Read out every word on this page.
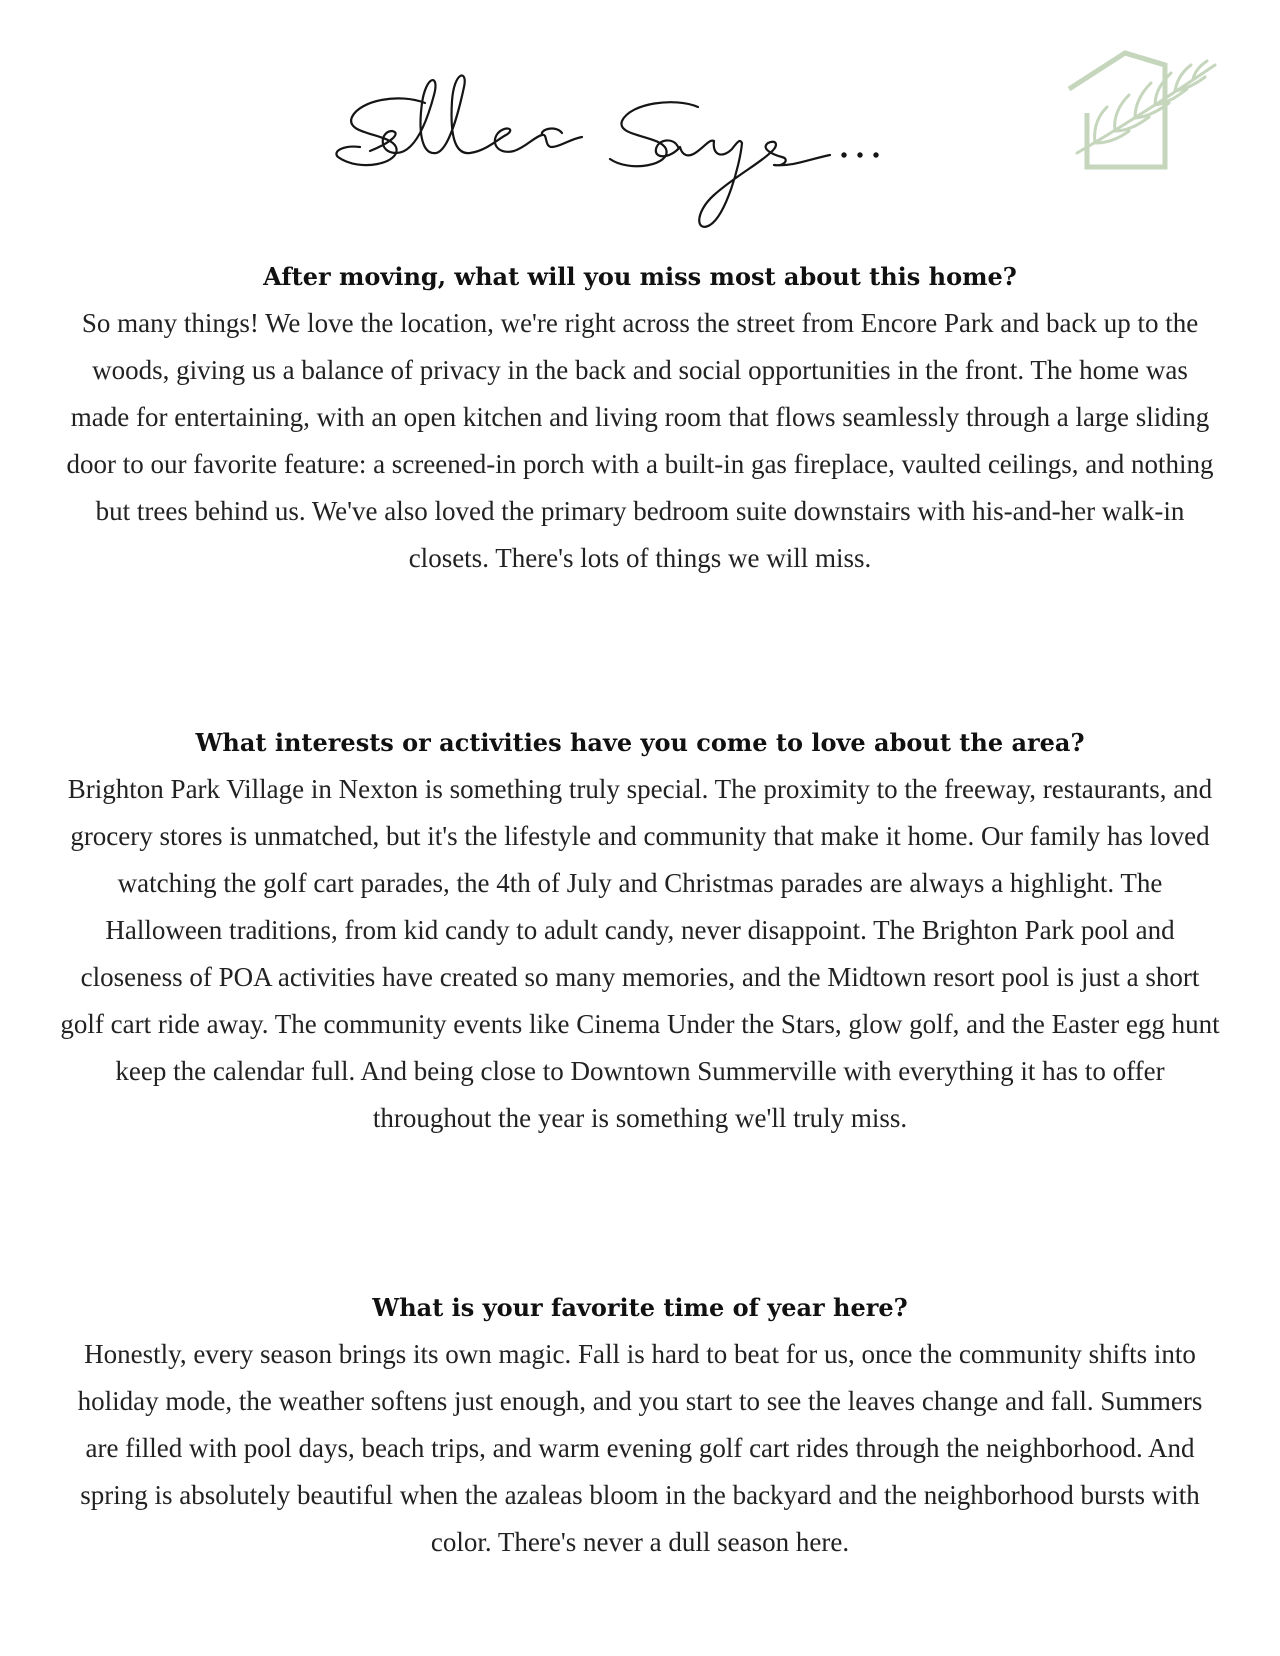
After moving, what will you miss most about this home?

So many things! We love the location, we're right across the street from Encore Park and back up to the woods, giving us a balance of privacy in the back and social opportunities in the front. The home was made for entertaining, with an open kitchen and living room that flows seamlessly through a large sliding door to our favorite feature: a screened-in porch with a built-in gas fireplace, vaulted ceilings, and nothing but trees behind us. We've also loved the primary bedroom suite downstairs with his-and-her walk-in closets. There's lots of things we will miss.

What interests or activities have you come to love about the area?

Brighton Park Village in Nexton is something truly special. The proximity to the freeway, restaurants, and grocery stores is unmatched, but it's the lifestyle and community that make it home. Our family has loved watching the golf cart parades, the 4th of July and Christmas parades are always a highlight. The Halloween traditions, from kid candy to adult candy, never disappoint. The Brighton Park pool and closeness of POA activities have created so many memories, and the Midtown resort pool is just a short golf cart ride away. The community events like Cinema Under the Stars, glow golf, and the Easter egg hunt keep the calendar full. And being close to Downtown Summerville with everything it has to offer throughout the year is something we'll truly miss.

What is your favorite time of year here?

Honestly, every season brings its own magic. Fall is hard to beat for us, once the community shifts into holiday mode, the weather softens just enough, and you start to see the leaves change and fall. Summers are filled with pool days, beach trips, and warm evening golf cart rides through the neighborhood. And spring is absolutely beautiful when the azaleas bloom in the backyard and the neighborhood bursts with color. There's never a dull season here.
